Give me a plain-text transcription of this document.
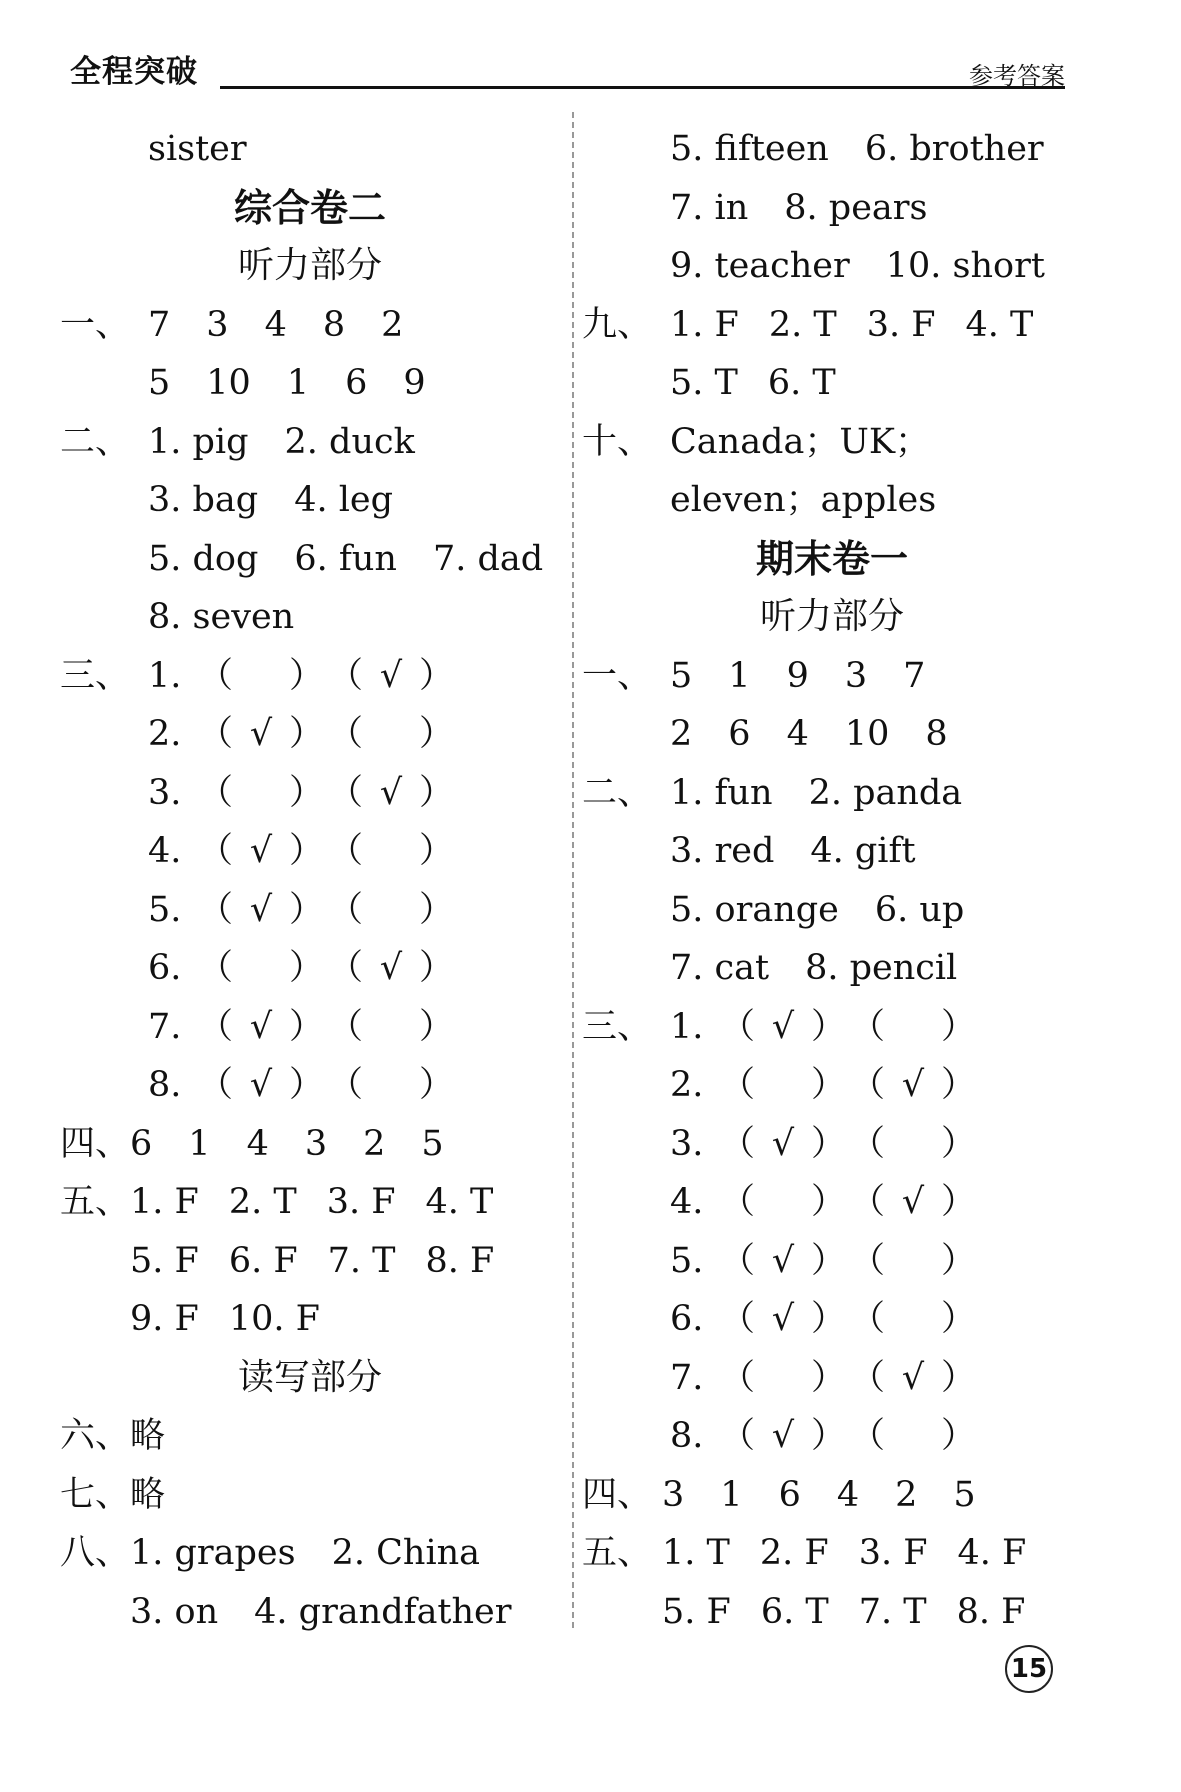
全程突破	参考答案
sister
综合卷二
听力部分
一、 7 3 4 8 2
5 10 1 6 9
二、 1. pig 2. duck
3. bag 4. leg
5. dog 6. fun 7. dad
8. seven
三、 1. （ ） （ √ ）
2. （ √ ） （ ）
3. （ ） （ √ ）
4. （ √ ） （ ）
5. （ √ ） （ ）
6. （ ） （ √ ）
7. （ √ ） （ ）
8. （ √ ） （ ）
四、6 1 4 3 2 5
五、1. F 2. T 3. F 4. T
5. F 6. F 7. T 8. F
9. F 10. F
读写部分
六、略
七、略
八、1. grapes 2. China
3. on 4. grandfather
5. fifteen 6. brother
7. in 8. pears
9. teacher 10. short
九、 1. F 2. T 3. F 4. T
5. T 6. T
十、 Canada；UK；
eleven；apples
期末卷一
听力部分
一、 5 1 9 3 7
2 6 4 10 8
二、 1. fun 2. panda
3. red 4. gift
5. orange 6. up
7. cat 8. pencil
三、 1. （ √ ） （ ）
2. （ ） （ √ ）
3. （ √ ） （ ）
4. （ ） （ √ ）
5. （ √ ） （ ）
6. （ √ ） （ ）
7. （ ） （ √ ）
8. （ √ ） （ ）
四、 3 1 6 4 2 5
五、 1. T 2. F 3. F 4. F
5. F 6. T 7. T 8. F
15
